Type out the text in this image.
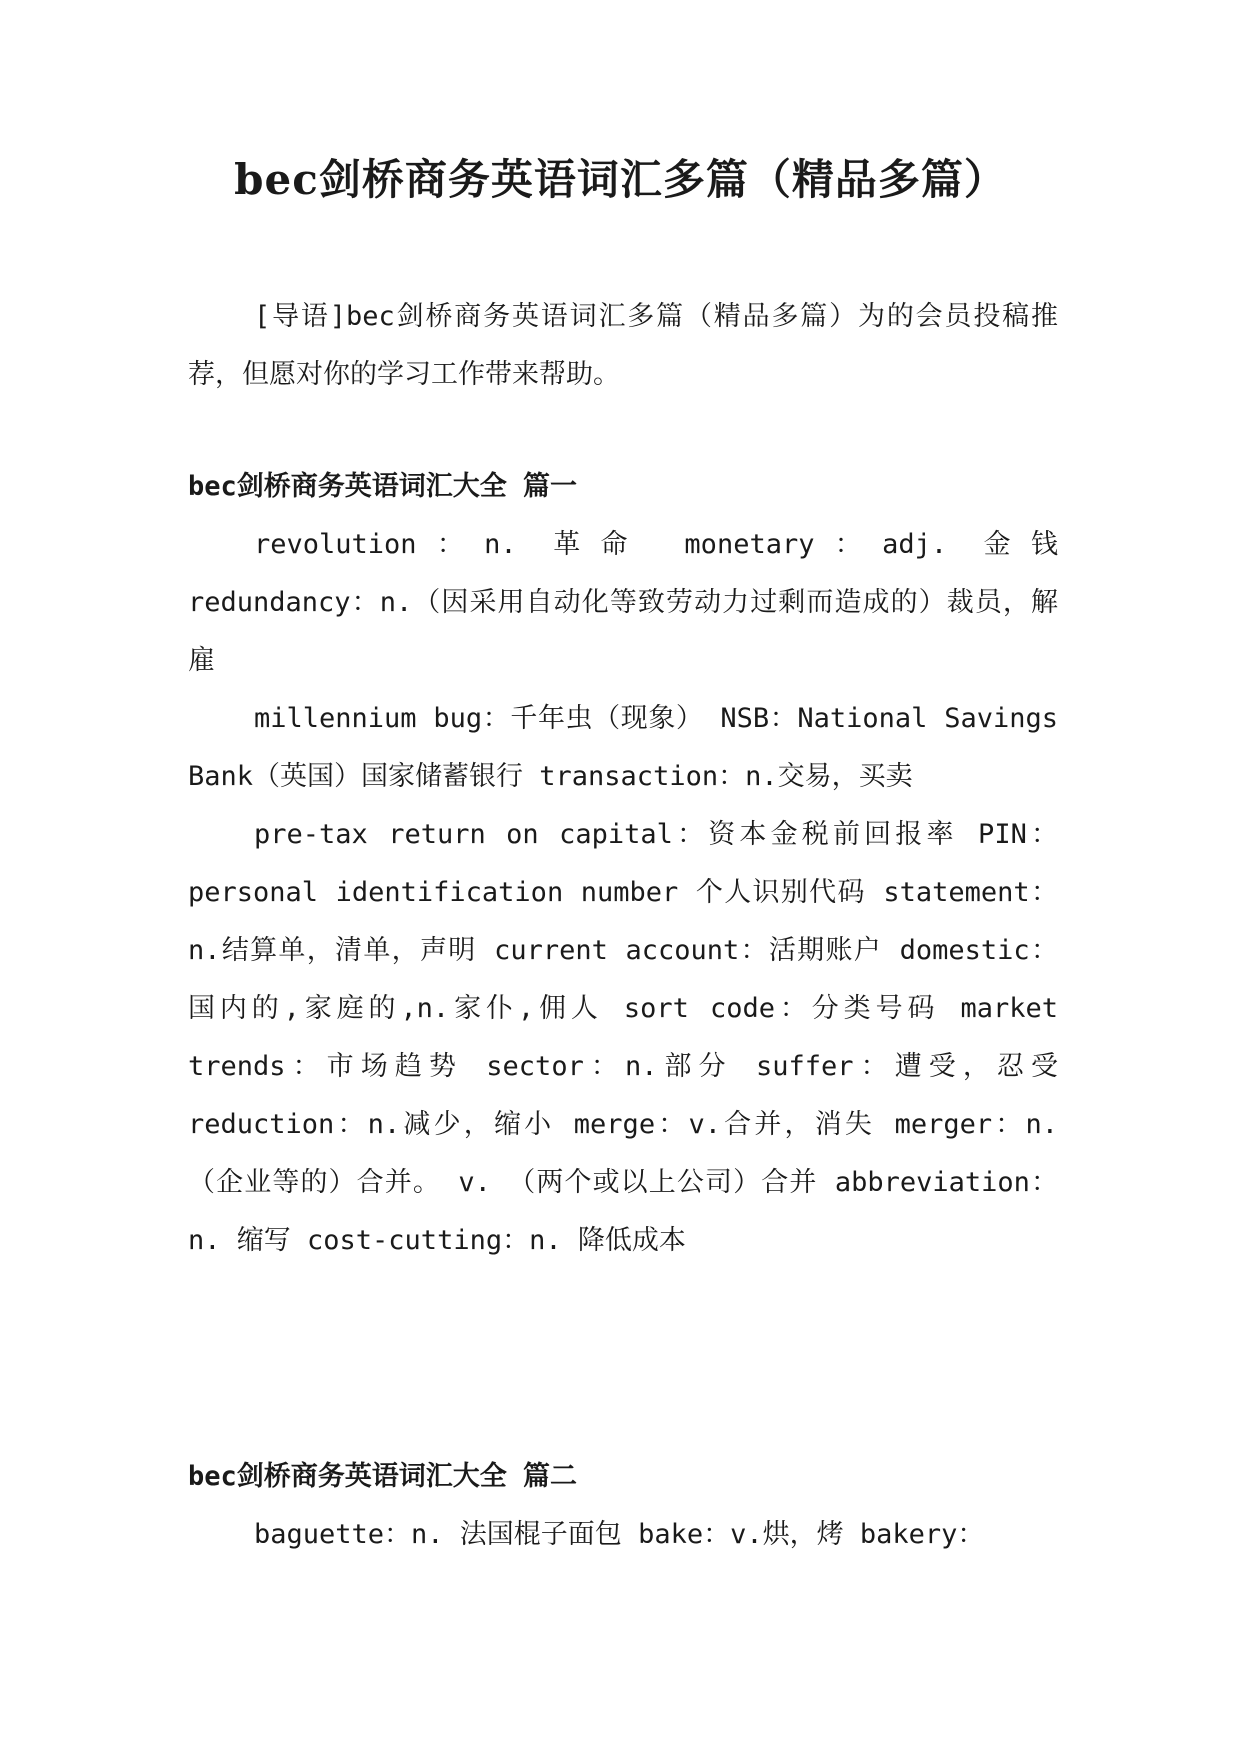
bec剑桥商务英语词汇多篇（精品多篇）

[导语]bec剑桥商务英语词汇多篇（精品多篇）为的会员投稿推荐，但愿对你的学习工作带来帮助。

bec剑桥商务英语词汇大全 篇一

revolution：n. 革命 monetary：adj. 金钱 redundancy：n.（因采用自动化等致劳动力过剩而造成的）裁员，解雇

millennium bug：千年虫（现象） NSB：National Savings Bank（英国）国家储蓄银行 transaction：n.交易，买卖

pre-tax return on capital：资本金税前回报率 PIN：personal identification number 个人识别代码 statement：n.结算单，清单，声明 current account：活期账户 domestic：国内的,家庭的,n.家仆,佣人 sort code：分类号码 market trends：市场趋势 sector：n.部分 suffer：遭受，忍受 reduction：n.减少，缩小 merge：v.合并，消失 merger：n. （企业等的）合并。 v. （两个或以上公司）合并 abbreviation：n. 缩写 cost-cutting：n. 降低成本

bec剑桥商务英语词汇大全 篇二

baguette：n. 法国棍子面包 bake：v.烘，烤 bakery：
